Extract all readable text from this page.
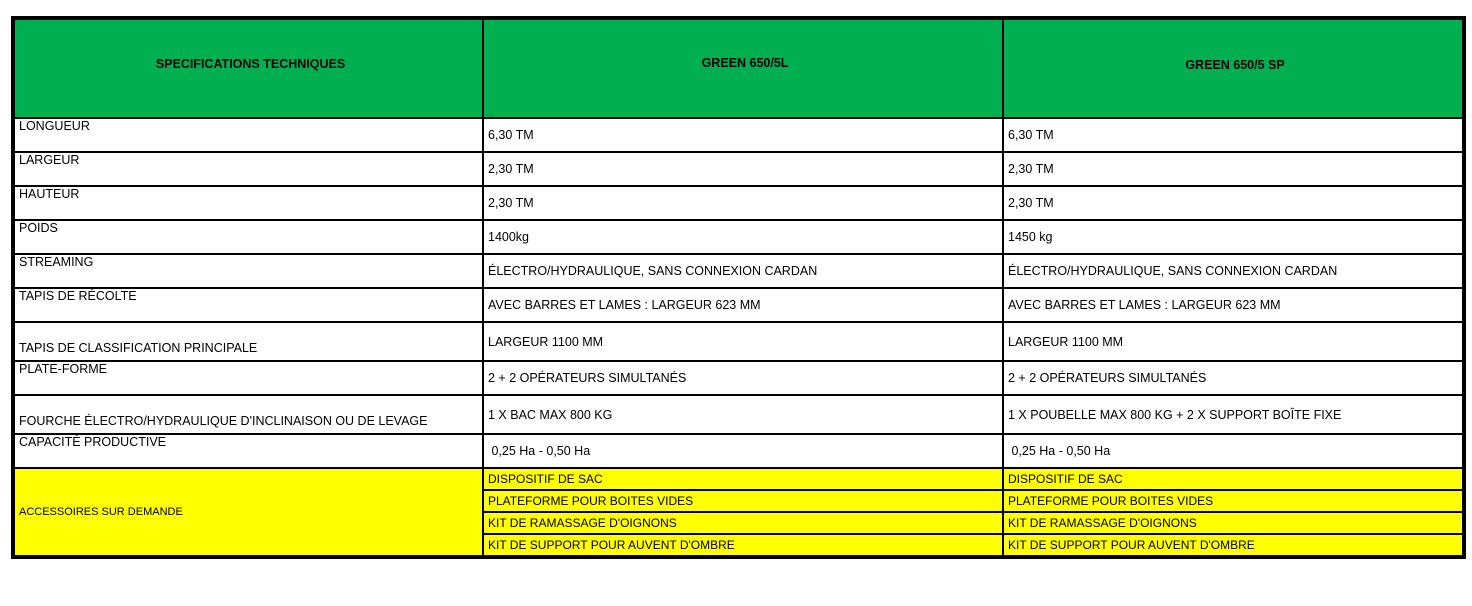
SPECIFICATIONS TECHNIQUES	GREEN 650/5L	GREEN 650/5 SP
LONGUEUR	6,30 TM	6,30 TM
LARGEUR	2,30 TM	2,30 TM
HAUTEUR	2,30 TM	2,30 TM
POIDS	1400kg	1450 kg
STREAMING	ÉLECTRO/HYDRAULIQUE, SANS CONNEXION CARDAN	ÉLECTRO/HYDRAULIQUE, SANS CONNEXION CARDAN
TAPIS DE RÉCOLTE	AVEC BARRES ET LAMES : LARGEUR 623 MM	AVEC BARRES ET LAMES : LARGEUR 623 MM
TAPIS DE CLASSIFICATION PRINCIPALE	LARGEUR 1100 MM	LARGEUR 1100 MM
PLATE-FORME	2 + 2 OPÉRATEURS SIMULTANÉS	2 + 2 OPÉRATEURS SIMULTANÉS
FOURCHE ÉLECTRO/HYDRAULIQUE D'INCLINAISON OU DE LEVAGE	1 X BAC MAX 800 KG	1 X POUBELLE MAX 800 KG + 2 X SUPPORT BOÎTE FIXE
CAPACITÉ PRODUCTIVE	0,25 Ha - 0,50 Ha	0,25 Ha - 0,50 Ha
ACCESSOIRES SUR DEMANDE	DISPOSITIF DE SAC	DISPOSITIF DE SAC
	PLATEFORME POUR BOITES VIDES	PLATEFORME POUR BOITES VIDES
	KIT DE RAMASSAGE D'OIGNONS	KIT DE RAMASSAGE D'OIGNONS
	KIT DE SUPPORT POUR AUVENT D'OMBRE	KIT DE SUPPORT POUR AUVENT D'OMBRE
